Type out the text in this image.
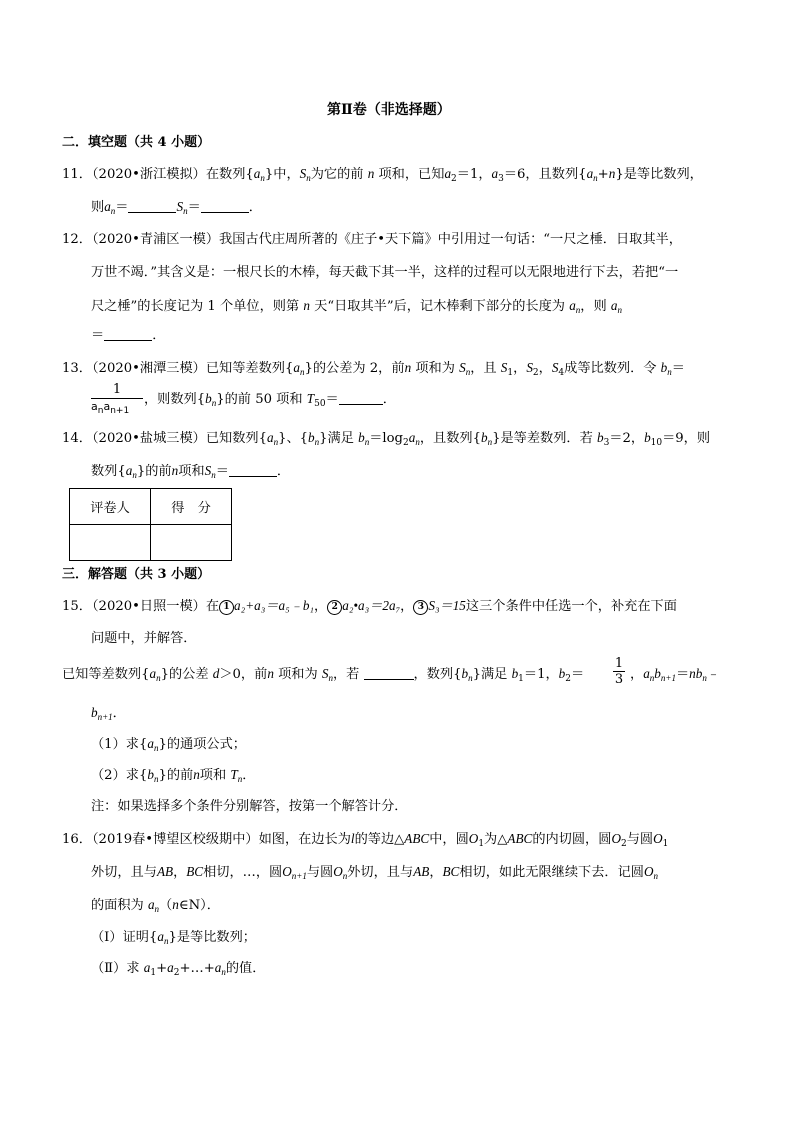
第Ⅱ卷（非选择题）
二．填空题（共 4 小题）
11．（2020•浙江模拟）在数列$\{a_n\}$中，$S_n$为它的前 n 项和，已知$a_2=1$，$a_3=6$，且数列$\{a_n+n\}$是等比数列，
则$a_n=$	$S_n=$	．
12．（2020•青浦区一模）我国古代庄周所著的《庄子•天下篇》中引用过一句话：“一尺之棰．日取其半，
万世不竭．”其含义是：一根尺长的木棒，每天截下其一半，这样的过程可以无限地进行下去，若把“一
尺之棰”的长度记为 1 个单位，则第 n 天“日取其半”后，记木棒剩下部分的长度为 $a_n$，则 $a_n$
＝	．
13．（2020•湘潭三模）已知等差数列$\{a_n\}$的公差为 2，前n 项和为 $S_n$，且 $S_1$，$S_2$，$S_4$成等比数列．令 $b_n=$
1
$a_na_{n+1}$
，则数列$\{b_n\}$的前 50 项和 $T_{50}=$	．
14．（2020•盐城三模）已知数列$\{a_n\}$、$\{b_n\}$满足 $b_n=\log_2a_n$，且数列$\{b_n\}$是等差数列．若 $b_3=2$，$b_{10}=9$，则
数列$\{a_n\}$的前n项和$S_n=$	．
评卷人	得　分

三．解答题（共 3 小题）
15．（2020•日照一模）在 1 a₂+a₃＝a₅﹣b₁， 2 a₂•a₃＝2a₇， 3 S₃＝15这三个条件中任选一个，补充在下面
问题中，并解答．
已知等差数列$\{a_n\}$的公差 d＞0，前n 项和为 $S_n$，若	，数列$\{b_n\}$满足 $b_1=1$，$b_2= \frac{1}{3}$ ，$a_nb_{n+1}=nb_n﹣$
$b_{n+1}$．
（1）求$\{a_n\}$的通项公式；
（2）求$\{b_n\}$的前n项和 $T_n$．
注：如果选择多个条件分别解答，按第一个解答计分．
16．（2019春•博望区校级期中）如图，在边长为l的等边△ABC中，圆$O_1$为△ABC的内切圆，圆$O_2$与圆$O_1$
外切，且与AB，BC相切，…，圆$O_{n+1}$与圆$O_n$外切，且与AB，BC相切，如此无限继续下去．记圆$O_n$
的面积为 $a_n(n\in N)$．
（Ⅰ）证明$\{a_n\}$是等比数列；
（Ⅱ）求 $a_1+a_2+\dots+a_n$的值．
